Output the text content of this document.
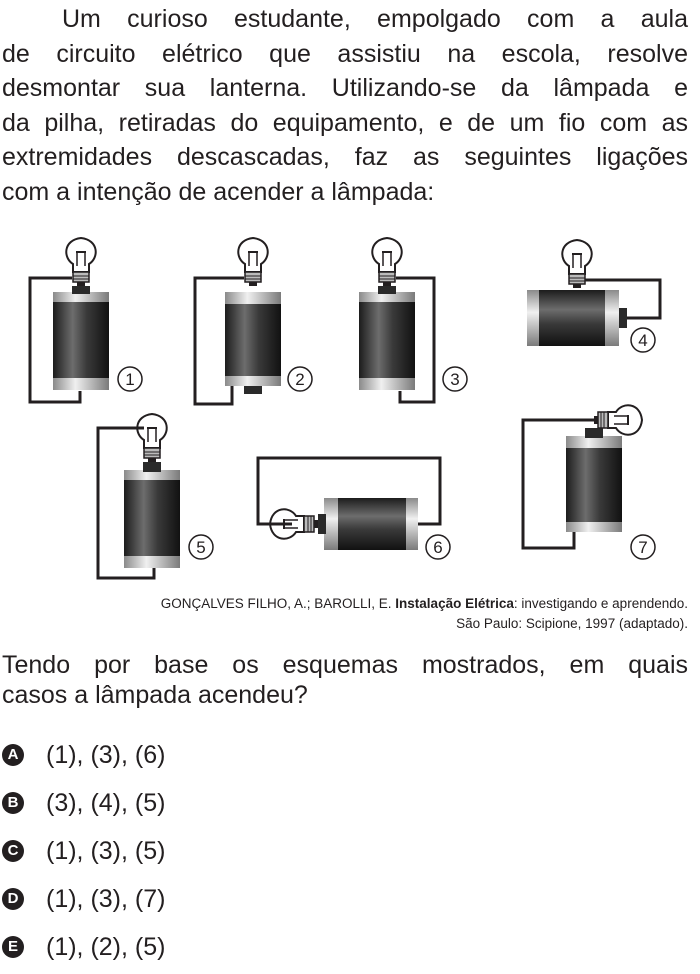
Um curioso estudante, empolgado com a aula
de circuito elétrico que assistiu na escola, resolve
desmontar sua lanterna. Utilizando-se da lâmpada e
da pilha, retiradas do equipamento, e de um fio com as
extremidades descascadas, faz as seguintes ligações
com a intenção de acender a lâmpada:
1	2	3
4
5	6	7
GONÇALVES FILHO, A.; BAROLLI, E. Instalação Elétrica: investigando e aprendendo.
São Paulo: Scipione, 1997 (adaptado).
Tendo por base os esquemas mostrados, em quais
casos a lâmpada acendeu?
A (1), (3), (6)
B (3), (4), (5)
C (1), (3), (5)
D (1), (3), (7)
E (1), (2), (5)
